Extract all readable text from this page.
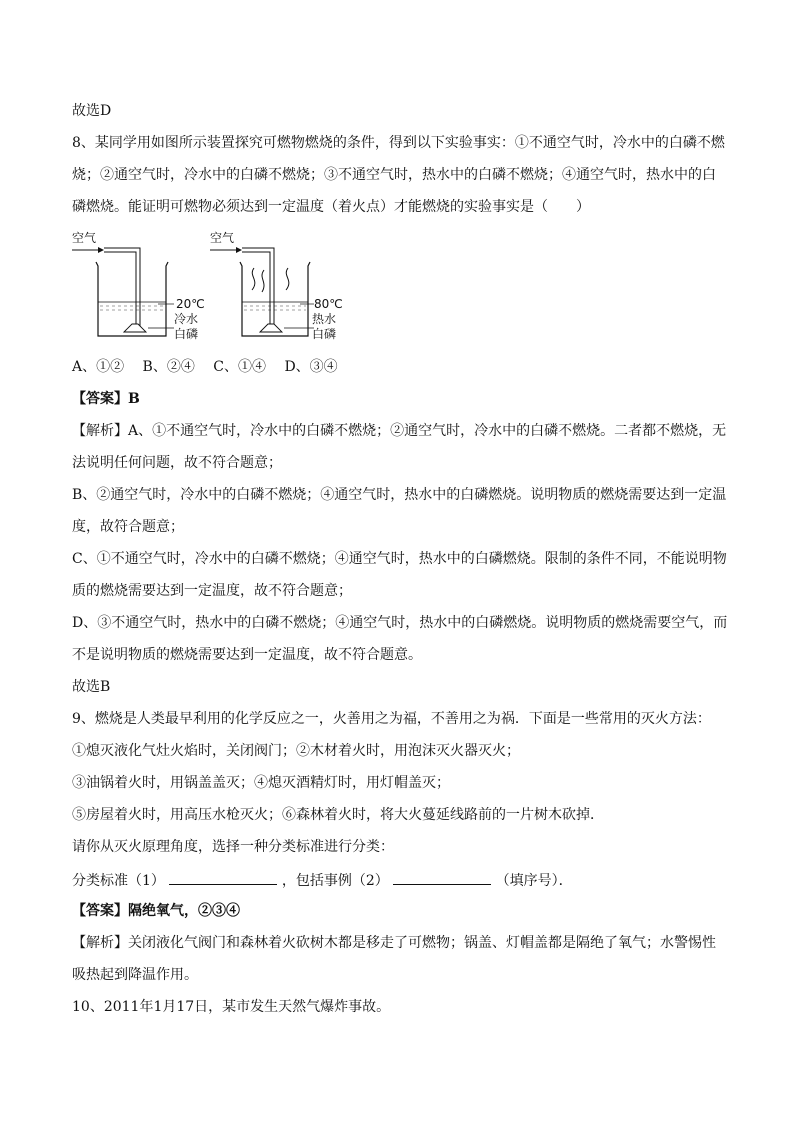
故选D
8、某同学用如图所示装置探究可燃物燃烧的条件，得到以下实验事实：①不通空气时，冷水中的白磷不燃
烧；②通空气时，冷水中的白磷不燃烧；③不通空气时，热水中的白磷不燃烧；④通空气时，热水中的白
磷燃烧。能证明可燃物必须达到一定温度（着火点）才能燃烧的实验事实是（　　）
空气
20℃
冷水
白磷
空气
80℃
热水
白磷
A、①②　 B、②④　 C、①④　 D、③④
【答案】B
【解析】A、①不通空气时，冷水中的白磷不燃烧；②通空气时，冷水中的白磷不燃烧。二者都不燃烧，无
法说明任何问题，故不符合题意；
B、②通空气时，冷水中的白磷不燃烧；④通空气时，热水中的白磷燃烧。说明物质的燃烧需要达到一定温
度，故符合题意；
C、①不通空气时，冷水中的白磷不燃烧；④通空气时，热水中的白磷燃烧。限制的条件不同，不能说明物
质的燃烧需要达到一定温度，故不符合题意；
D、③不通空气时，热水中的白磷不燃烧；④通空气时，热水中的白磷燃烧。说明物质的燃烧需要空气，而
不是说明物质的燃烧需要达到一定温度，故不符合题意。
故选B
9、燃烧是人类最早利用的化学反应之一，火善用之为福，不善用之为祸．下面是一些常用的灭火方法：
①熄灭液化气灶火焰时，关闭阀门；②木材着火时，用泡沫灭火器灭火；
③油锅着火时，用锅盖盖灭；④熄灭酒精灯时，用灯帽盖灭；
⑤房屋着火时，用高压水枪灭火；⑥森林着火时，将大火蔓延线路前的一片树木砍掉．
请你从灭火原理角度，选择一种分类标准进行分类：
分类标准（1）	，包括事例（2）	（填序号）．
【答案】隔绝氧气，②③④
【解析】关闭液化气阀门和森林着火砍树木都是移走了可燃物；锅盖、灯帽盖都是隔绝了氧气；水警惕性
吸热起到降温作用。
10、2011年1月17日，某市发生天然气爆炸事故。
